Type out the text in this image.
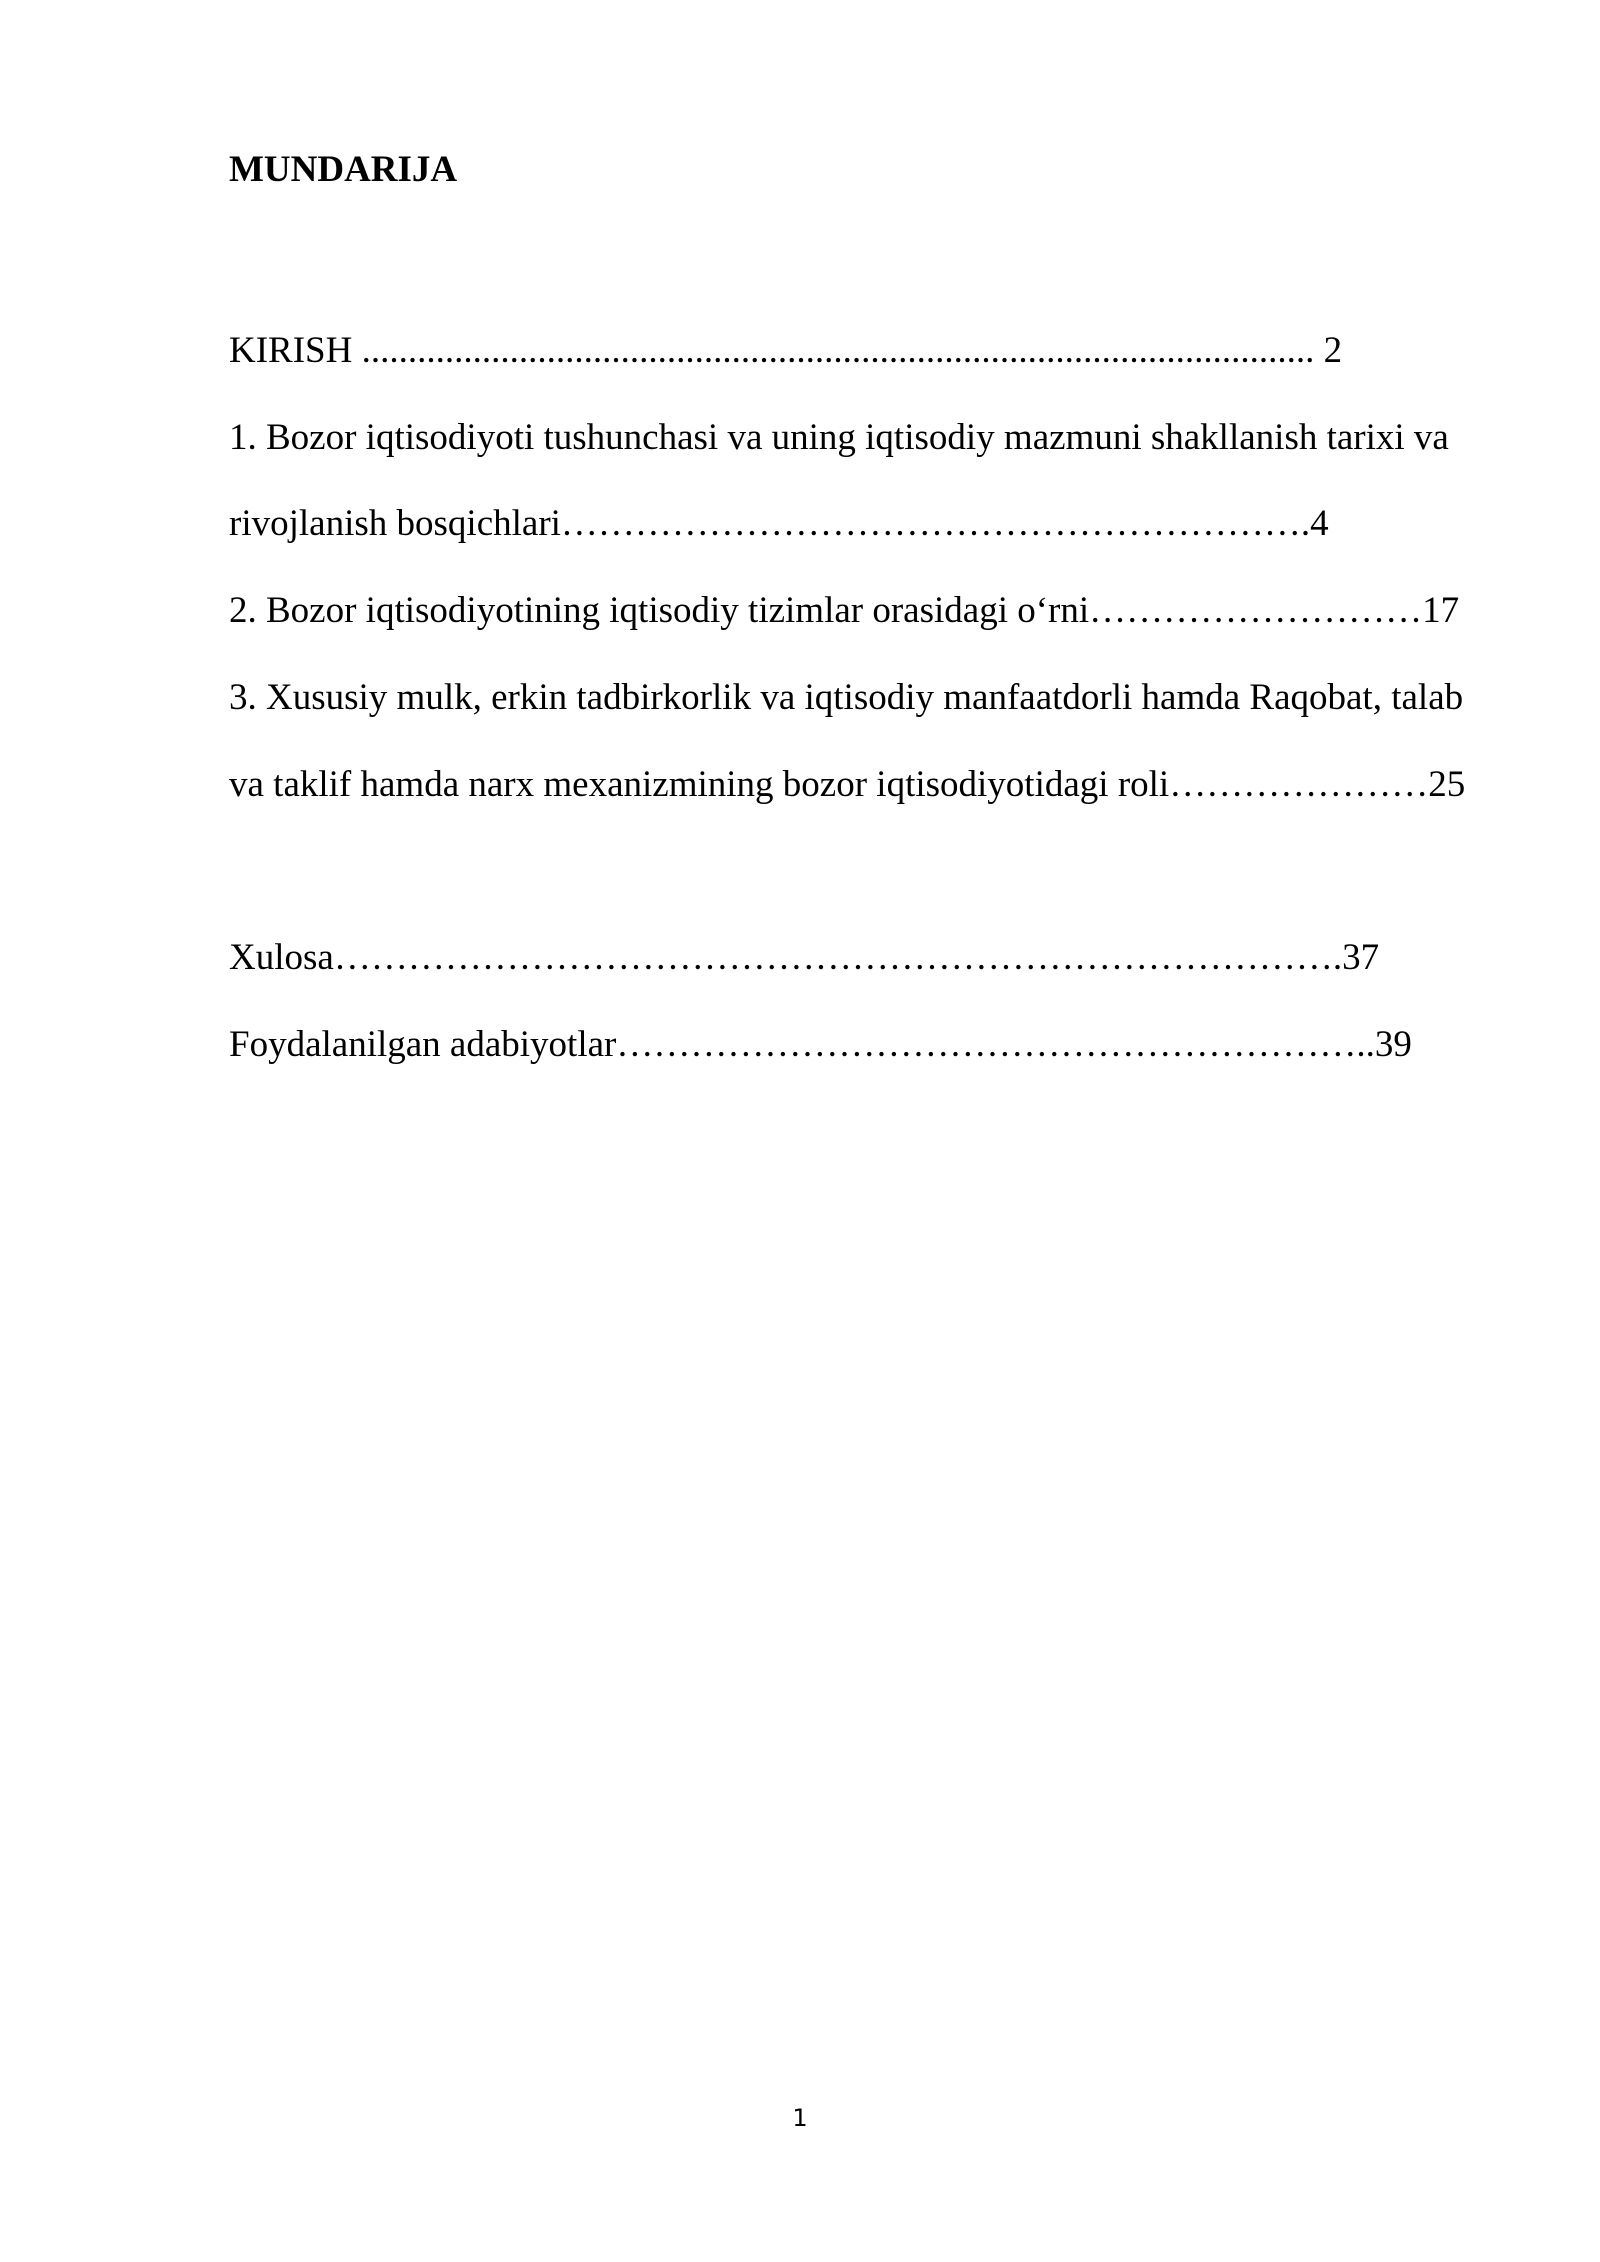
MUNDARIJA
KIRISH ....................................................................................................... 2
1. Bozor iqtisodiyoti tushunchasi va uning iqtisodiy mazmuni shakllanish tarixi va
rivojlanish bosqichlari…………………………………………………….4
2. Bozor iqtisodiyotining iqtisodiy tizimlar orasidagi o‘rni………………………17
3. Xususiy mulk, erkin tadbirkorlik va iqtisodiy manfaatdorli hamda Raqobat, talab
va taklif hamda narx mexanizmining bozor iqtisodiyotidagi roli…………………25
Xulosa……………………………………………………………………….37
Foydalanilgan adabiyotlar……………………………………………………..39
1
